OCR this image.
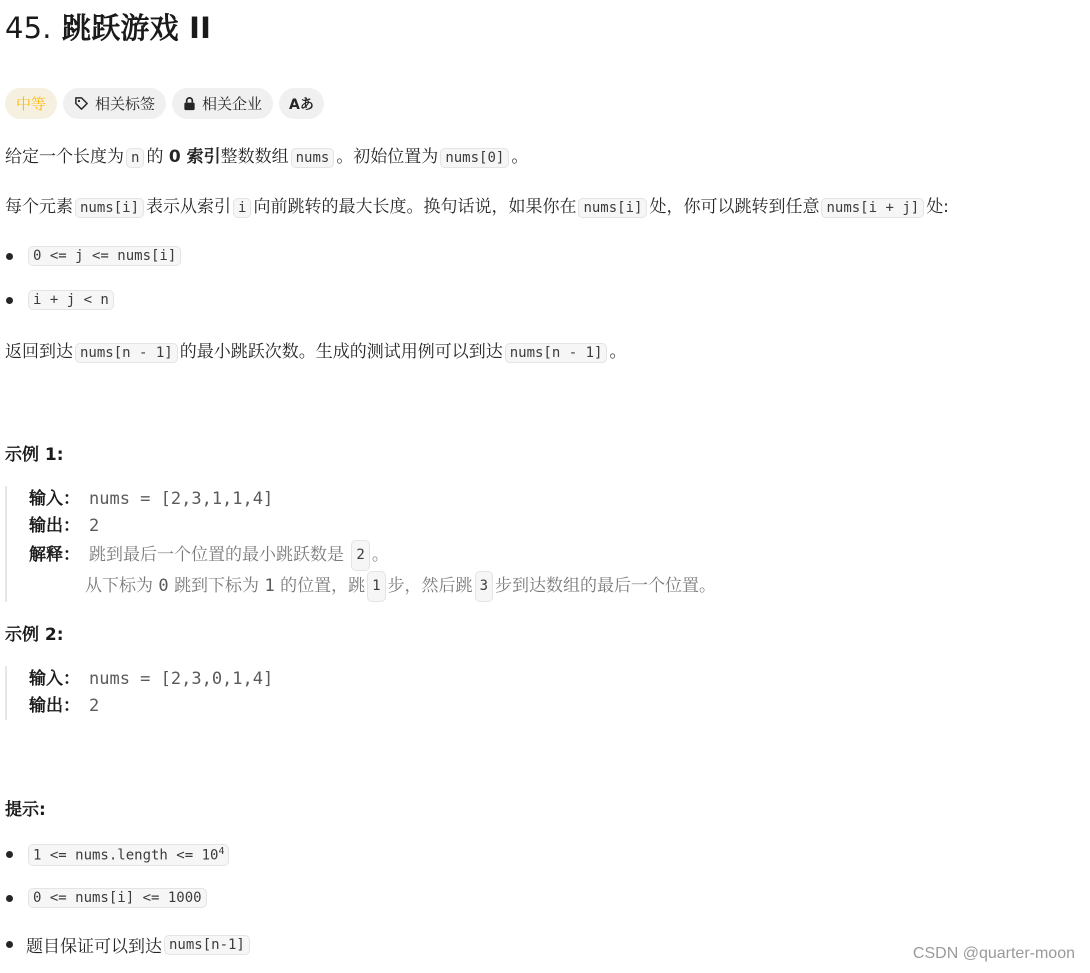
45. 跳跃游戏 II
中等	相关标签	相关企业 Aあ

给定一个长度为 n 的 0 索引整数数组 nums 。初始位置为 nums[0] 。

每个元素 nums[i] 表示从索引 i 向前跳转的最大长度。换句话说，如果你在 nums[i] 处，你可以跳转到任意 nums[i + j] 处:

0 <= j <= nums[i]
i + j < n

返回到达 nums[n - 1] 的最小跳跃次数。生成的测试用例可以到达 nums[n - 1] 。

示例 1:
输入： nums = [2,3,1,1,4]
输出： 2
解释： 跳到最后一个位置的最小跳跃数是
2 。
从下标为
0
跳到下标为
1
的位置，跳 1 步，然后跳 3 步到达数组的最后一个位置。
示例 2:
输入： nums = [2,3,0,1,4]
输出： 2
提示:
1 <= nums.length <= $10^4$
0 <= nums[i] <= 1000
题目保证可以到达 nums[n-1]
CSDN @quarter-moon
